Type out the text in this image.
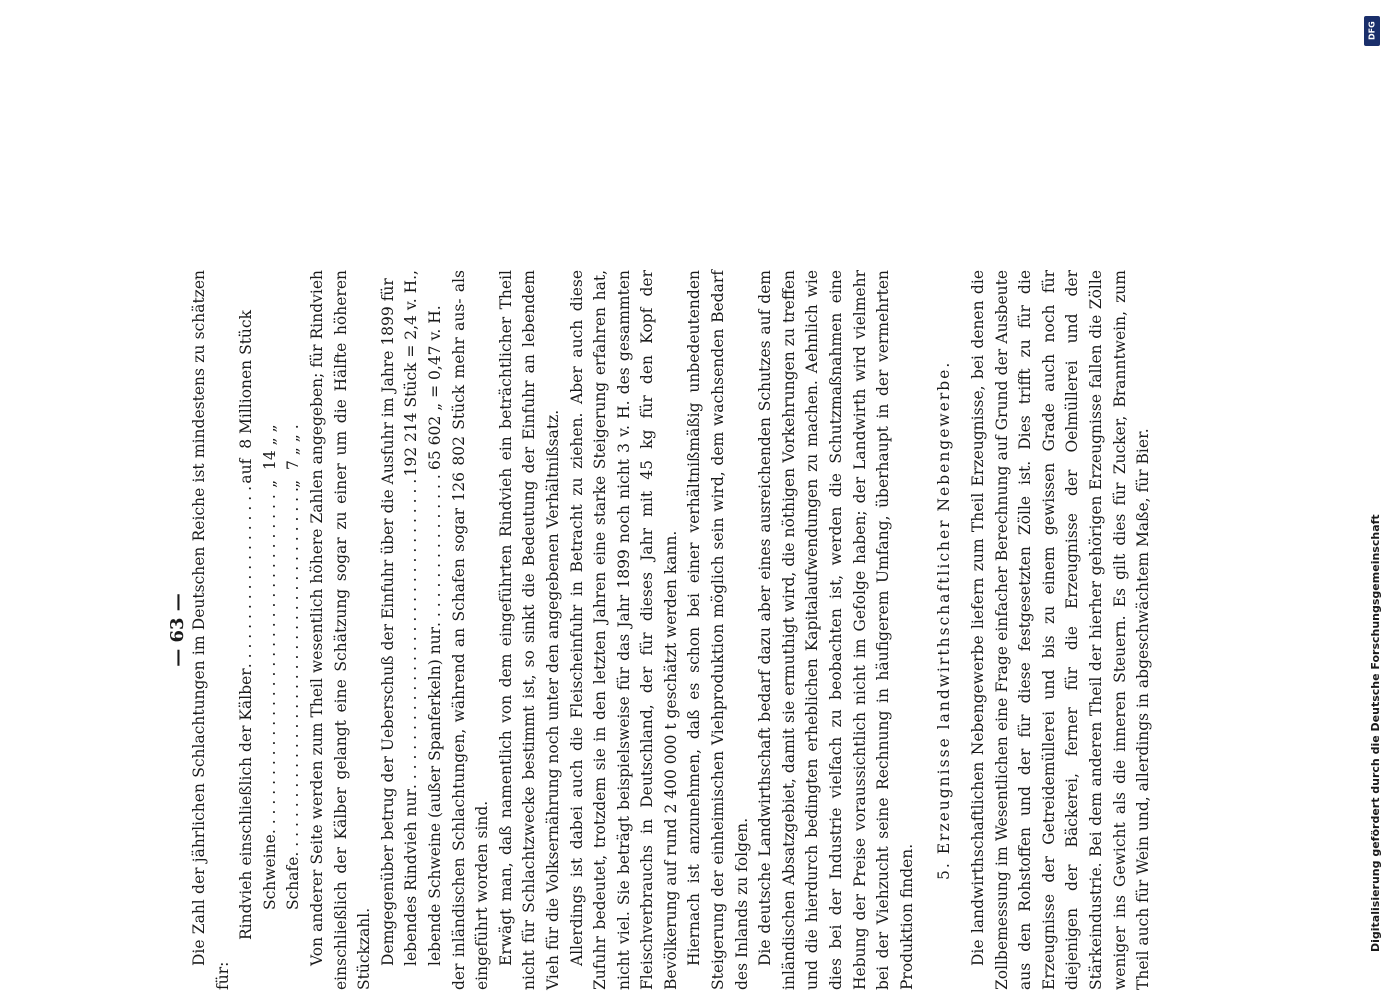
— 63 — Die Zahl der jährlichen Schlachtungen im Deutschen Reiche ist mindestens zu schätzen für:

Rindvieh einschließlich der Kälber
. . .
auf

8 Millionen Stück
Schweine
. . .
„

14 „ „
Schafe
. . .
„

7 „ „ . Von anderer Seite werden zum Theil wesentlich höhere Zahlen angegeben; für Rindvieh einschließlich der Kälber gelangt eine Schätzung sogar zu einer um die Hälfte höheren Stückzahl. Demgegenüber betrug der Ueberschuß der Einfuhr über die Ausfuhr im Jahre 1899 für lebendes Rindvieh nur
. . .
192 214 Stück = 2,4 v. H.,
lebende Schweine (außer Spanferkeln) nur
. . .
65 602 „ = 0,47 v. H. der inländischen Schlachtungen, während an Schafen sogar 126 802 Stück mehr aus- als eingeführt worden sind. Erwägt man, daß namentlich von dem eingeführten Rindvieh ein beträchtlicher Theil nicht für Schlachtzwecke bestimmt ist, so sinkt die Bedeutung der Einfuhr an lebendem Vieh für die Volksernährung noch unter den angegebenen Verhältnißsatz. Allerdings ist dabei auch die Fleischeinfuhr in Betracht zu ziehen. Aber auch diese Zufuhr bedeutet, trotzdem sie in den letzten Jahren eine starke Steigerung erfahren hat, nicht viel. Sie beträgt beispielsweise für das Jahr 1899 noch nicht 3 v. H. des gesammten Fleischverbrauchs in Deutschland, der für dieses Jahr mit 45 kg für den Kopf der Bevölkerung auf rund 2 400 000 t geschätzt werden kann. Hiernach ist anzunehmen, daß es schon bei einer verhältnißmäßig unbedeutenden Steigerung der einheimischen Viehproduktion möglich sein wird, dem wachsenden Bedarf des Inlands zu folgen. Die deutsche Landwirthschaft bedarf dazu aber eines ausreichenden Schutzes auf dem inländischen Absatzgebiet, damit sie ermuthigt wird, die nöthigen Vorkehrungen zu treffen und die hierdurch bedingten erheblichen Kapitalaufwendungen zu machen. Aehnlich wie dies bei der Industrie vielfach zu beobachten ist, werden die Schutzmaßnahmen eine Hebung der Preise voraussichtlich nicht im Gefolge haben; der Landwirth wird vielmehr bei der Viehzucht seine Rechnung in häufigerem Umfang, überhaupt in der vermehrten Produktion finden.

5. Erzeugnisse landwirthschaftlicher Nebengewerbe. Die landwirthschaftlichen Nebengewerbe liefern zum Theil Erzeugnisse, bei denen die Zollbemessung im Wesentlichen eine Frage einfacher Berechnung auf Grund der Ausbeute aus den Rohstoffen und der für diese festgesetzten Zölle ist. Dies trifft zu für die Erzeugnisse der Getreidemüllerei und bis zu einem gewissen Grade auch noch für diejenigen der Bäckerei, ferner für die Erzeugnisse der Oelmüllerei und der Stärkeindustrie. Bei dem anderen Theil der hierher gehörigen Erzeugnisse fallen die Zölle weniger ins Gewicht als die inneren Steuern. Es gilt dies für Zucker, Branntwein, zum Theil auch für Wein und, allerdings in abgeschwächtem Maße, für Bier.

DFG
Digitalisierung gefördert durch die Deutsche Forschungsgemeinschaft
